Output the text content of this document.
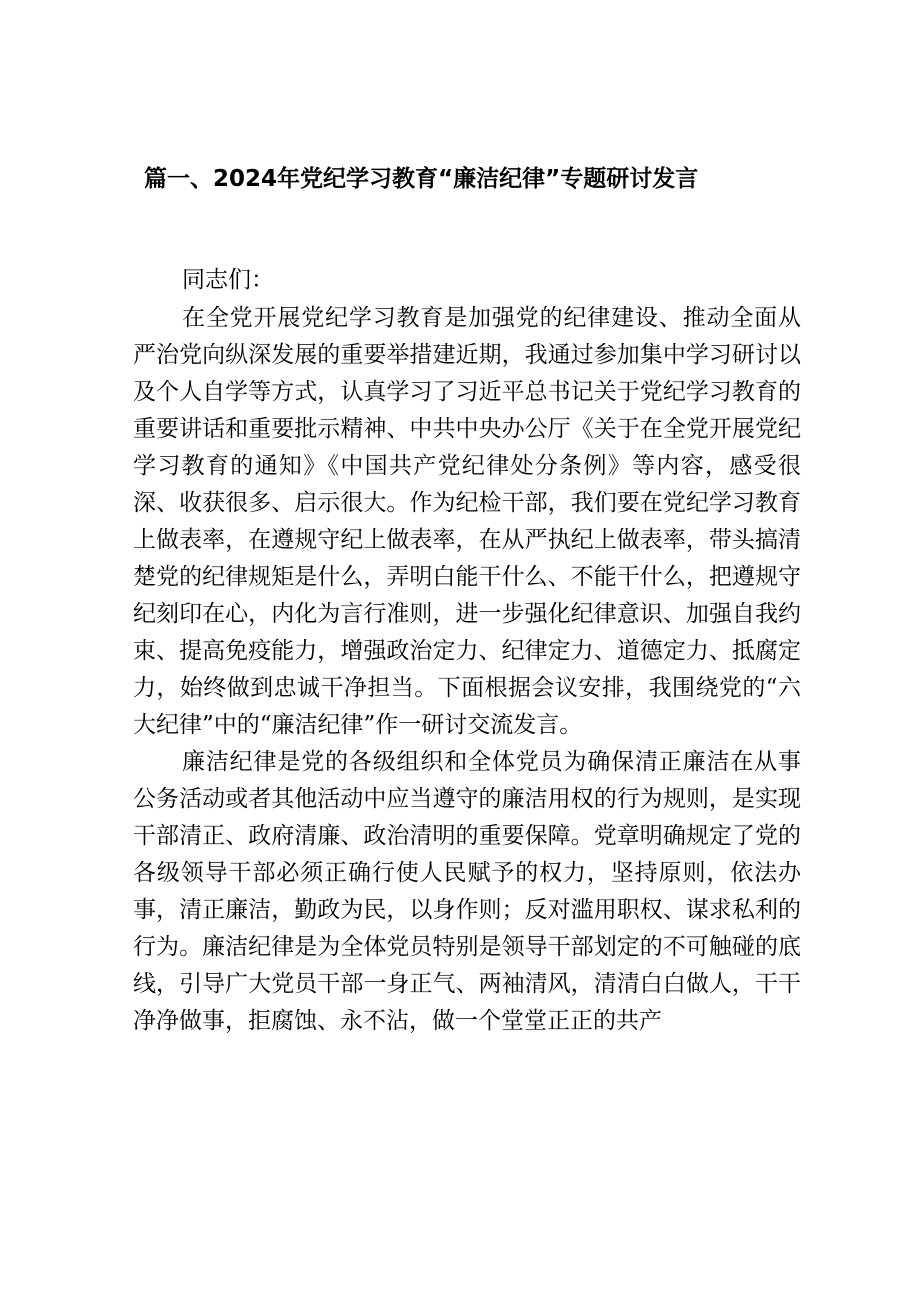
篇一、2024年党纪学习教育“廉洁纪律”专题研讨发言
同志们：

在全党开展党纪学习教育是加强党的纪律建设、推动全面从严治党向纵深发展的重要举措建近期，我通过参加集中学习研讨以及个人自学等方式，认真学习了习近平总书记关于党纪学习教育的重要讲话和重要批示精神、中共中央办公厅《关于在全党开展党纪学习教育的通知》《中国共产党纪律处分条例》等内容，感受很深、收获很多、启示很大。作为纪检干部，我们要在党纪学习教育上做表率，在遵规守纪上做表率，在从严执纪上做表率，带头搞清楚党的纪律规矩是什么，弄明白能干什么、不能干什么，把遵规守纪刻印在心，内化为言行准则，进一步强化纪律意识、加强自我约束、提高免疫能力，增强政治定力、纪律定力、道德定力、抵腐定力，始终做到忠诚干净担当。下面根据会议安排，我围绕党的“六大纪律”中的“廉洁纪律”作一研讨交流发言。

廉洁纪律是党的各级组织和全体党员为确保清正廉洁在从事公务活动或者其他活动中应当遵守的廉洁用权的行为规则，是实现干部清正、政府清廉、政治清明的重要保障。党章明确规定了党的各级领导干部必须正确行使人民赋予的权力，坚持原则，依法办事，清正廉洁，勤政为民，以身作则；反对滥用职权、谋求私利的行为。廉洁纪律是为全体党员特别是领导干部划定的不可触碰的底线，引导广大党员干部一身正气、两袖清风，清清白白做人，干干净净做事，拒腐蚀、永不沾，做一个堂堂正正的共产
